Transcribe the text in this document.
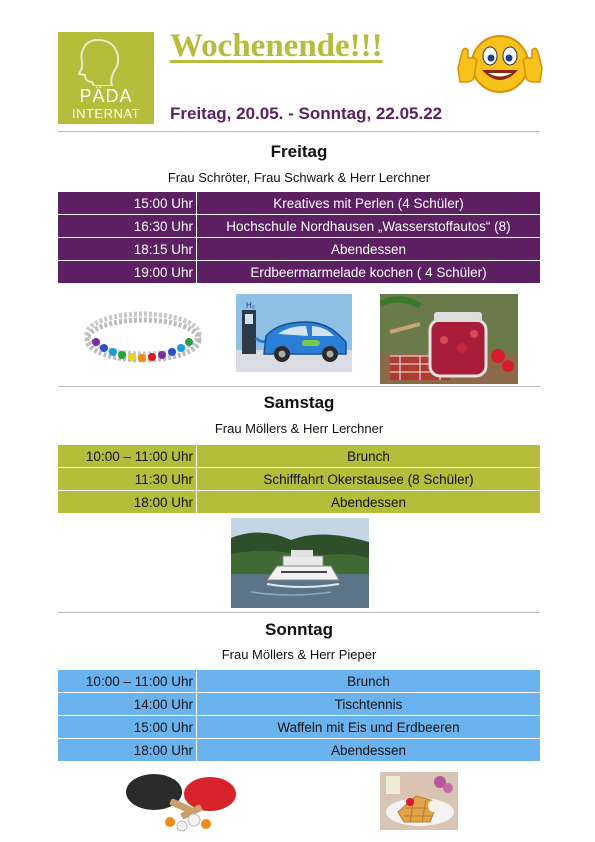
PÄDA
INTERNAT
Wochenende!!!
Freitag, 20.05. - Sonntag, 22.05.22
Freitag
Frau Schröter, Frau Schwark & Herr Lerchner
15:00 Uhr	Kreatives mit Perlen (4 Schüler)
16:30 Uhr	Hochschule Nordhausen „Wasserstoffautos“ (8)
18:15 Uhr	Abendessen
19:00 Uhr	Erdbeermarmelade kochen ( 4 Schüler)
H₂
Samstag
Frau Möllers & Herr Lerchner
10:00 – 11:00 Uhr	Brunch
11:30 Uhr	Schifffahrt Okerstausee (8 Schüler)
18:00 Uhr	Abendessen
Sonntag
Frau Möllers & Herr Pieper
10:00 – 11:00 Uhr	Brunch
14:00 Uhr	Tischtennis
15:00 Uhr	Waffeln mit Eis und Erdbeeren
18:00 Uhr	Abendessen
